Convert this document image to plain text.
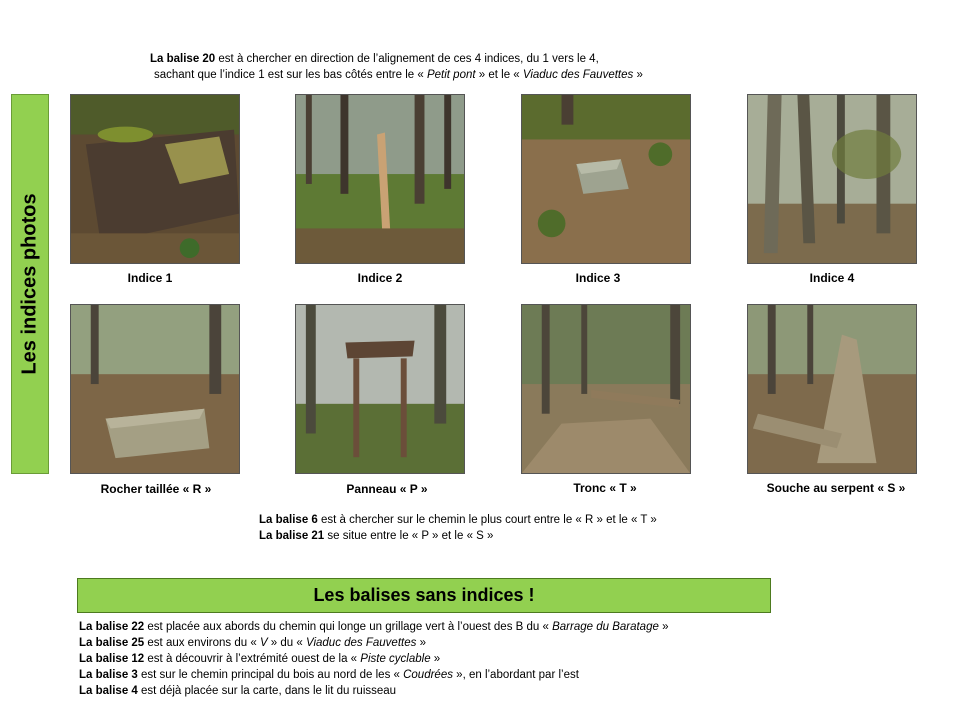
La balise 20 est à chercher en direction de l’alignement de ces 4 indices, du 1 vers le 4,
sachant que l’indice 1 est sur les bas côtés entre le « Petit pont » et le « Viaduc des Fauvettes »
Les indices photos	Indice 1	Indice 2	Indice 3	Indice 4
Rocher taillée « R »	Panneau « P »	Tronc « T »	Souche au serpent « S »
La balise 6 est à chercher sur le chemin le plus court entre le « R » et le « T »
La balise 21 se situe entre le « P » et le « S »
Les balises sans indices !
La balise 22 est placée aux abords du chemin qui longe un grillage vert à l’ouest des B du « Barrage du Baratage »
La balise 25 est aux environs du « V » du « Viaduc des Fauvettes »
La balise 12 est à découvrir à l’extrémité ouest de la « Piste cyclable »
La balise 3 est sur le chemin principal du bois au nord de les « Coudrées », en l’abordant par l’est
La balise 4 est déjà placée sur la carte, dans le lit du ruisseau
